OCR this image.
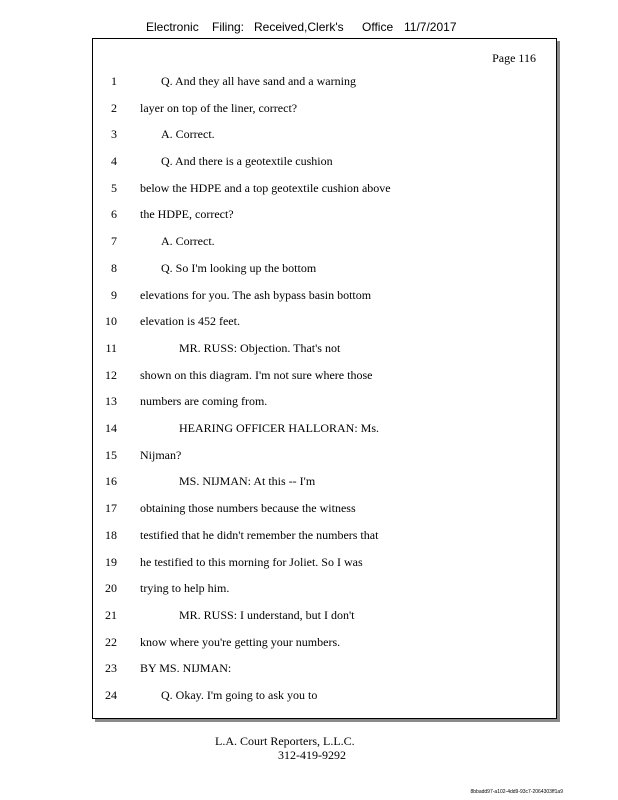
Electronic Filing: Received,Clerk's Office 11/7/2017
Page 116
1	Q. And they all have sand and a warning
2 layer on top of the liner, correct?
3	A. Correct.
4	Q. And there is a geotextile cushion
5 below the HDPE and a top geotextile cushion above
6 the HDPE, correct?
7	A. Correct.
8	Q. So I'm looking up the bottom
9 elevations for you. The ash bypass basin bottom
10 elevation is 452 feet.
11	MR. RUSS: Objection. That's not
12 shown on this diagram. I'm not sure where those
13 numbers are coming from.
14	HEARING OFFICER HALLORAN: Ms.
15 Nijman?
16	MS. NIJMAN: At this -- I'm
17 obtaining those numbers because the witness
18 testified that he didn't remember the numbers that
19 he testified to this morning for Joliet. So I was
20 trying to help him.
21	MR. RUSS: I understand, but I don't
22 know where you're getting your numbers.
23 BY MS. NIJMAN:
24	Q. Okay. I'm going to ask you to
L.A. Court Reporters, L.L.C.
312-419-9292
8bbadd97-a102-4dd9-93c7-2064303ff1a9
